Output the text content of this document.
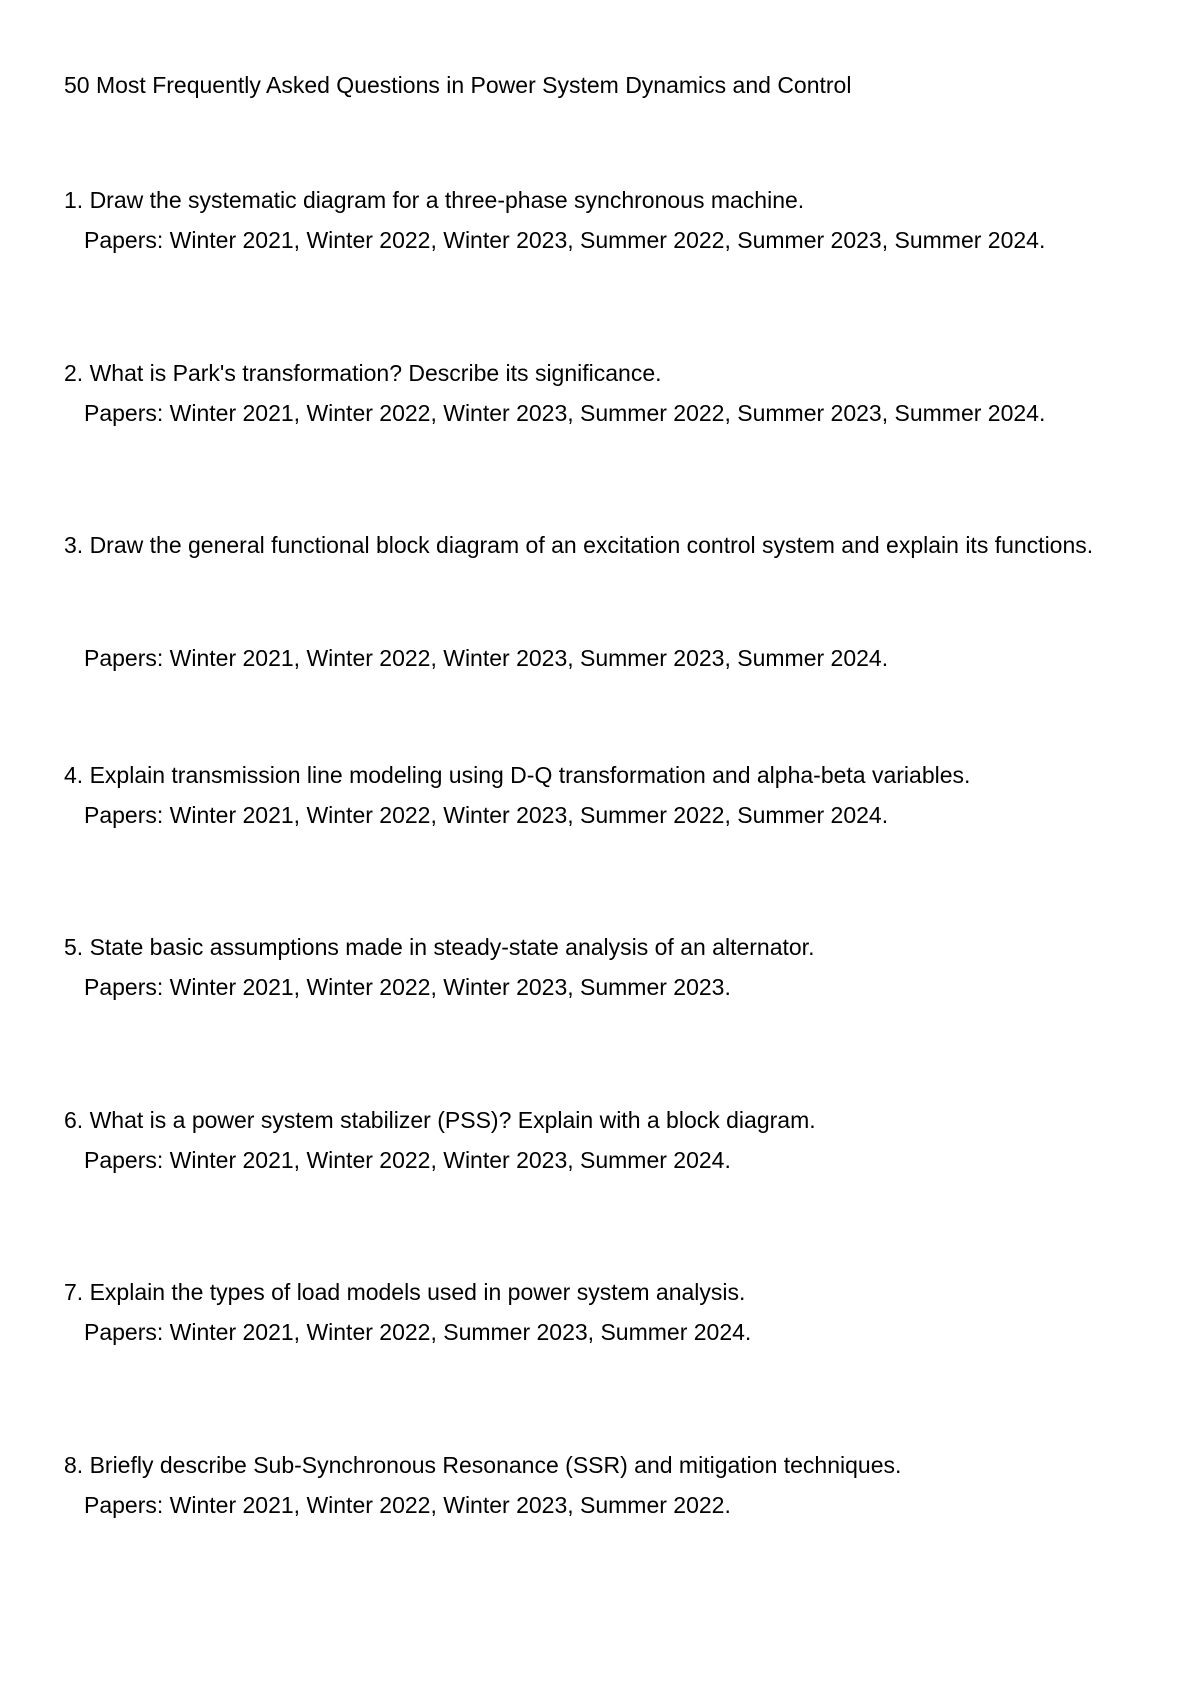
50 Most Frequently Asked Questions in Power System Dynamics and Control

1. Draw the systematic diagram for a three-phase synchronous machine.

Papers: Winter 2021, Winter 2022, Winter 2023, Summer 2022, Summer 2023, Summer 2024.

2. What is Park's transformation? Describe its significance.

Papers: Winter 2021, Winter 2022, Winter 2023, Summer 2022, Summer 2023, Summer 2024.

3. Draw the general functional block diagram of an excitation control system and explain its functions.

Papers: Winter 2021, Winter 2022, Winter 2023, Summer 2023, Summer 2024.

4. Explain transmission line modeling using D-Q transformation and alpha-beta variables.

Papers: Winter 2021, Winter 2022, Winter 2023, Summer 2022, Summer 2024.

5. State basic assumptions made in steady-state analysis of an alternator.

Papers: Winter 2021, Winter 2022, Winter 2023, Summer 2023.

6. What is a power system stabilizer (PSS)? Explain with a block diagram.

Papers: Winter 2021, Winter 2022, Winter 2023, Summer 2024.

7. Explain the types of load models used in power system analysis.

Papers: Winter 2021, Winter 2022, Summer 2023, Summer 2024.

8. Briefly describe Sub-Synchronous Resonance (SSR) and mitigation techniques.

Papers: Winter 2021, Winter 2022, Winter 2023, Summer 2022.
